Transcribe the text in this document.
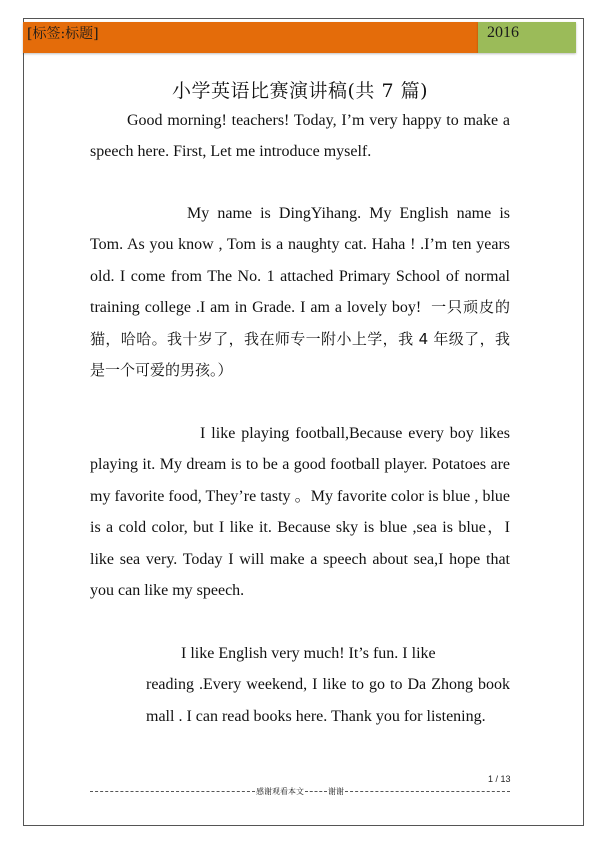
[标签:标题]	2016
小学英语比赛演讲稿(共 7 篇)
Good morning! teachers! Today, I’m very happy to make a speech here. First, Let me introduce myself.
My name is DingYihang. My English name is Tom. As you know , Tom is a naughty cat. Haha ! .I’m ten years old. I come from The No. 1 attached Primary School of normal training college .I am in Grade. I am a lovely boy! 一只顽皮的猫，哈哈。我十岁了，我在师专一附小上学，我 4 年级了，我是一个可爱的男孩。）
I like playing football,Because every boy likes playing it. My dream is to be a good football player. Potatoes are my favorite food, They’re tasty 。My favorite color is blue , blue is a cold color, but I like it. Because sky is blue ,sea is blue，I like sea very. Today I will make a speech about sea,I hope that you can like my speech.
I like English very much! It’s fun. I like
reading .Every weekend, I like to go to Da Zhong book mall . I can read books here. Thank you for listening.
1 / 13
感谢观看本文	谢谢
